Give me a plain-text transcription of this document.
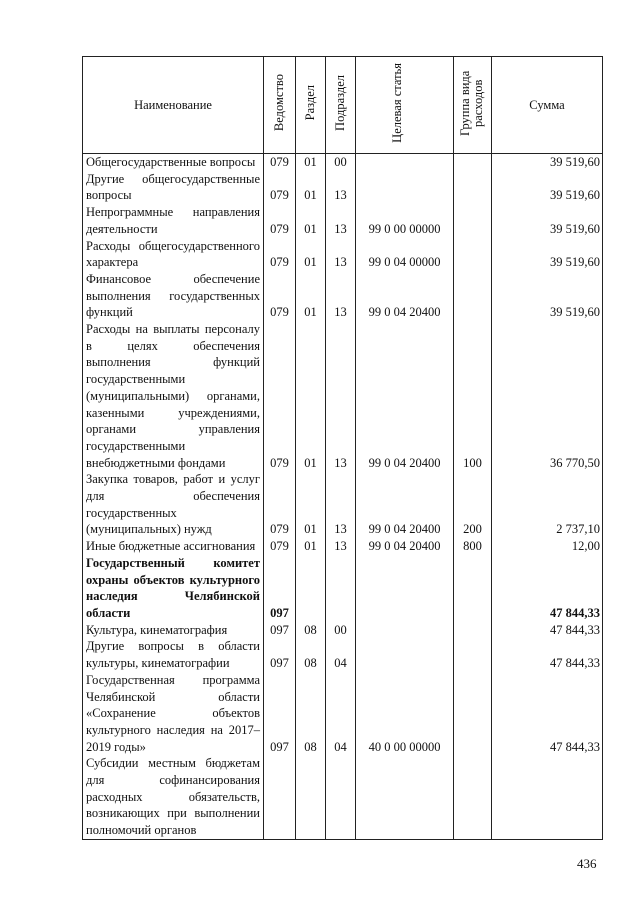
Наименование	Ведомство	Раздел	Подраздел	Целевая статья	Группа вида расходов	Сумма
Общегосударственные вопросы	079	01	00			39 519,60
Другие общегосударственные вопросы	079	01	13			39 519,60
Непрограммные направления деятельности	079	01	13	99 0 00 00000		39 519,60
Расходы общегосударственного характера	079	01	13	99 0 04 00000		39 519,60
Финансовое обеспечение выполнения государственных функций	079	01	13	99 0 04 20400		39 519,60
Расходы на выплаты персоналу в целях обеспечения выполнения функций государственными (муниципальными) органами, казенными учреждениями, органами управления государственными внебюджетными фондами	079	01	13	99 0 04 20400	100	36 770,50
Закупка товаров, работ и услуг для обеспечения государственных (муниципальных) нужд	079	01	13	99 0 04 20400	200	2 737,10
Иные бюджетные ассигнования	079	01	13	99 0 04 20400	800	12,00
Государственный комитет охраны объектов культурного наследия Челябинской области	097					47 844,33
Культура, кинематография	097	08	00			47 844,33
Другие вопросы в области культуры, кинематографии	097	08	04			47 844,33
Государственная программа Челябинской области «Сохранение объектов культурного наследия на 2017–2019 годы»	097	08	04	40 0 00 00000		47 844,33
Субсидии местным бюджетам для софинансирования расходных обязательств, возникающих при выполнении полномочий органов						
436
